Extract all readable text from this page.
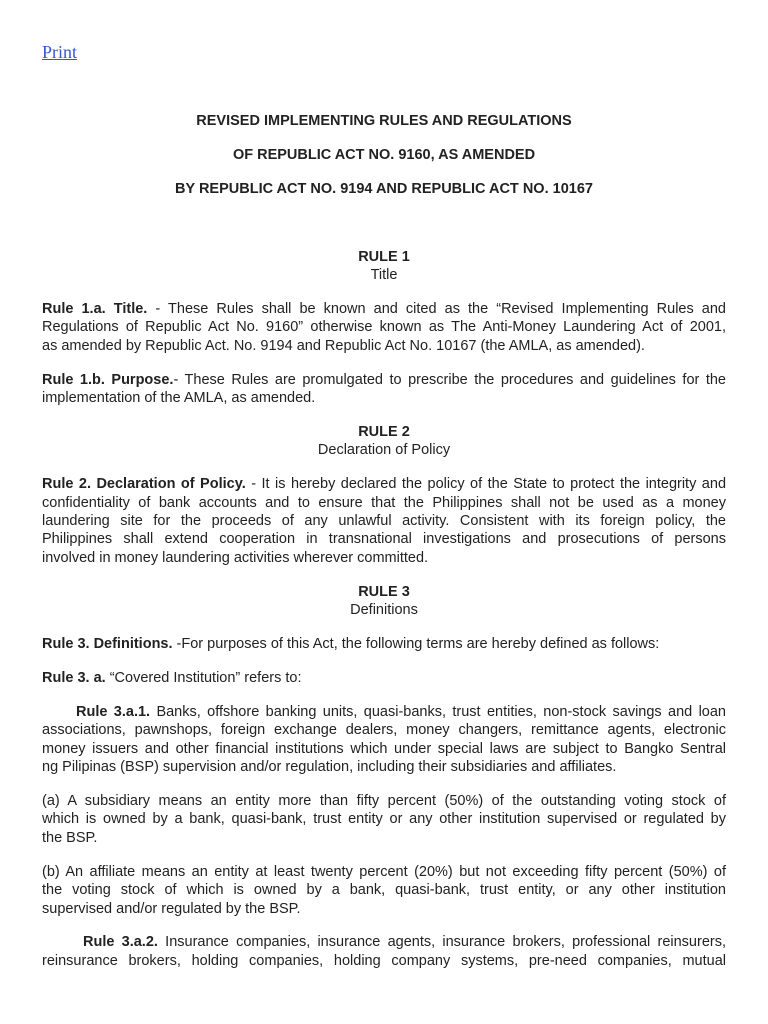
Print
REVISED IMPLEMENTING RULES AND REGULATIONS
OF REPUBLIC ACT NO. 9160, AS AMENDED
BY REPUBLIC ACT NO. 9194 AND REPUBLIC ACT NO. 10167
RULE 1
Title
Rule 1.a. Title. - These Rules shall be known and cited as the “Revised Implementing Rules and
Regulations of Republic Act No. 9160” otherwise known as The Anti-Money Laundering Act of 2001,
as amended by Republic Act. No. 9194 and Republic Act No. 10167 (the AMLA, as amended).
Rule 1.b. Purpose.- These Rules are promulgated to prescribe the procedures and guidelines for the
implementation of the AMLA, as amended.
RULE 2
Declaration of Policy
Rule 2. Declaration of Policy. - It is hereby declared the policy of the State to protect the integrity and
confidentiality of bank accounts and to ensure that the Philippines shall not be used as a money
laundering site for the proceeds of any unlawful activity. Consistent with its foreign policy, the
Philippines shall extend cooperation in transnational investigations and prosecutions of persons
involved in money laundering activities wherever committed.
RULE 3
Definitions
Rule 3. Definitions. -For purposes of this Act, the following terms are hereby defined as follows:
Rule 3. a. “Covered Institution” refers to:
Rule 3.a.1. Banks, offshore banking units, quasi-banks, trust entities, non-stock savings and loan
associations, pawnshops, foreign exchange dealers, money changers, remittance agents, electronic
money issuers and other financial institutions which under special laws are subject to Bangko Sentral
ng Pilipinas (BSP) supervision and/or regulation, including their subsidiaries and affiliates.
(a) A subsidiary means an entity more than fifty percent (50%) of the outstanding voting stock of
which is owned by a bank, quasi-bank, trust entity or any other institution supervised or regulated by
the BSP.
(b) An affiliate means an entity at least twenty percent (20%) but not exceeding fifty percent (50%) of
the voting stock of which is owned by a bank, quasi-bank, trust entity, or any other institution
supervised and/or regulated by the BSP.
Rule 3.a.2. Insurance companies, insurance agents, insurance brokers, professional reinsurers,
reinsurance brokers, holding companies, holding company systems, pre-need companies, mutual
